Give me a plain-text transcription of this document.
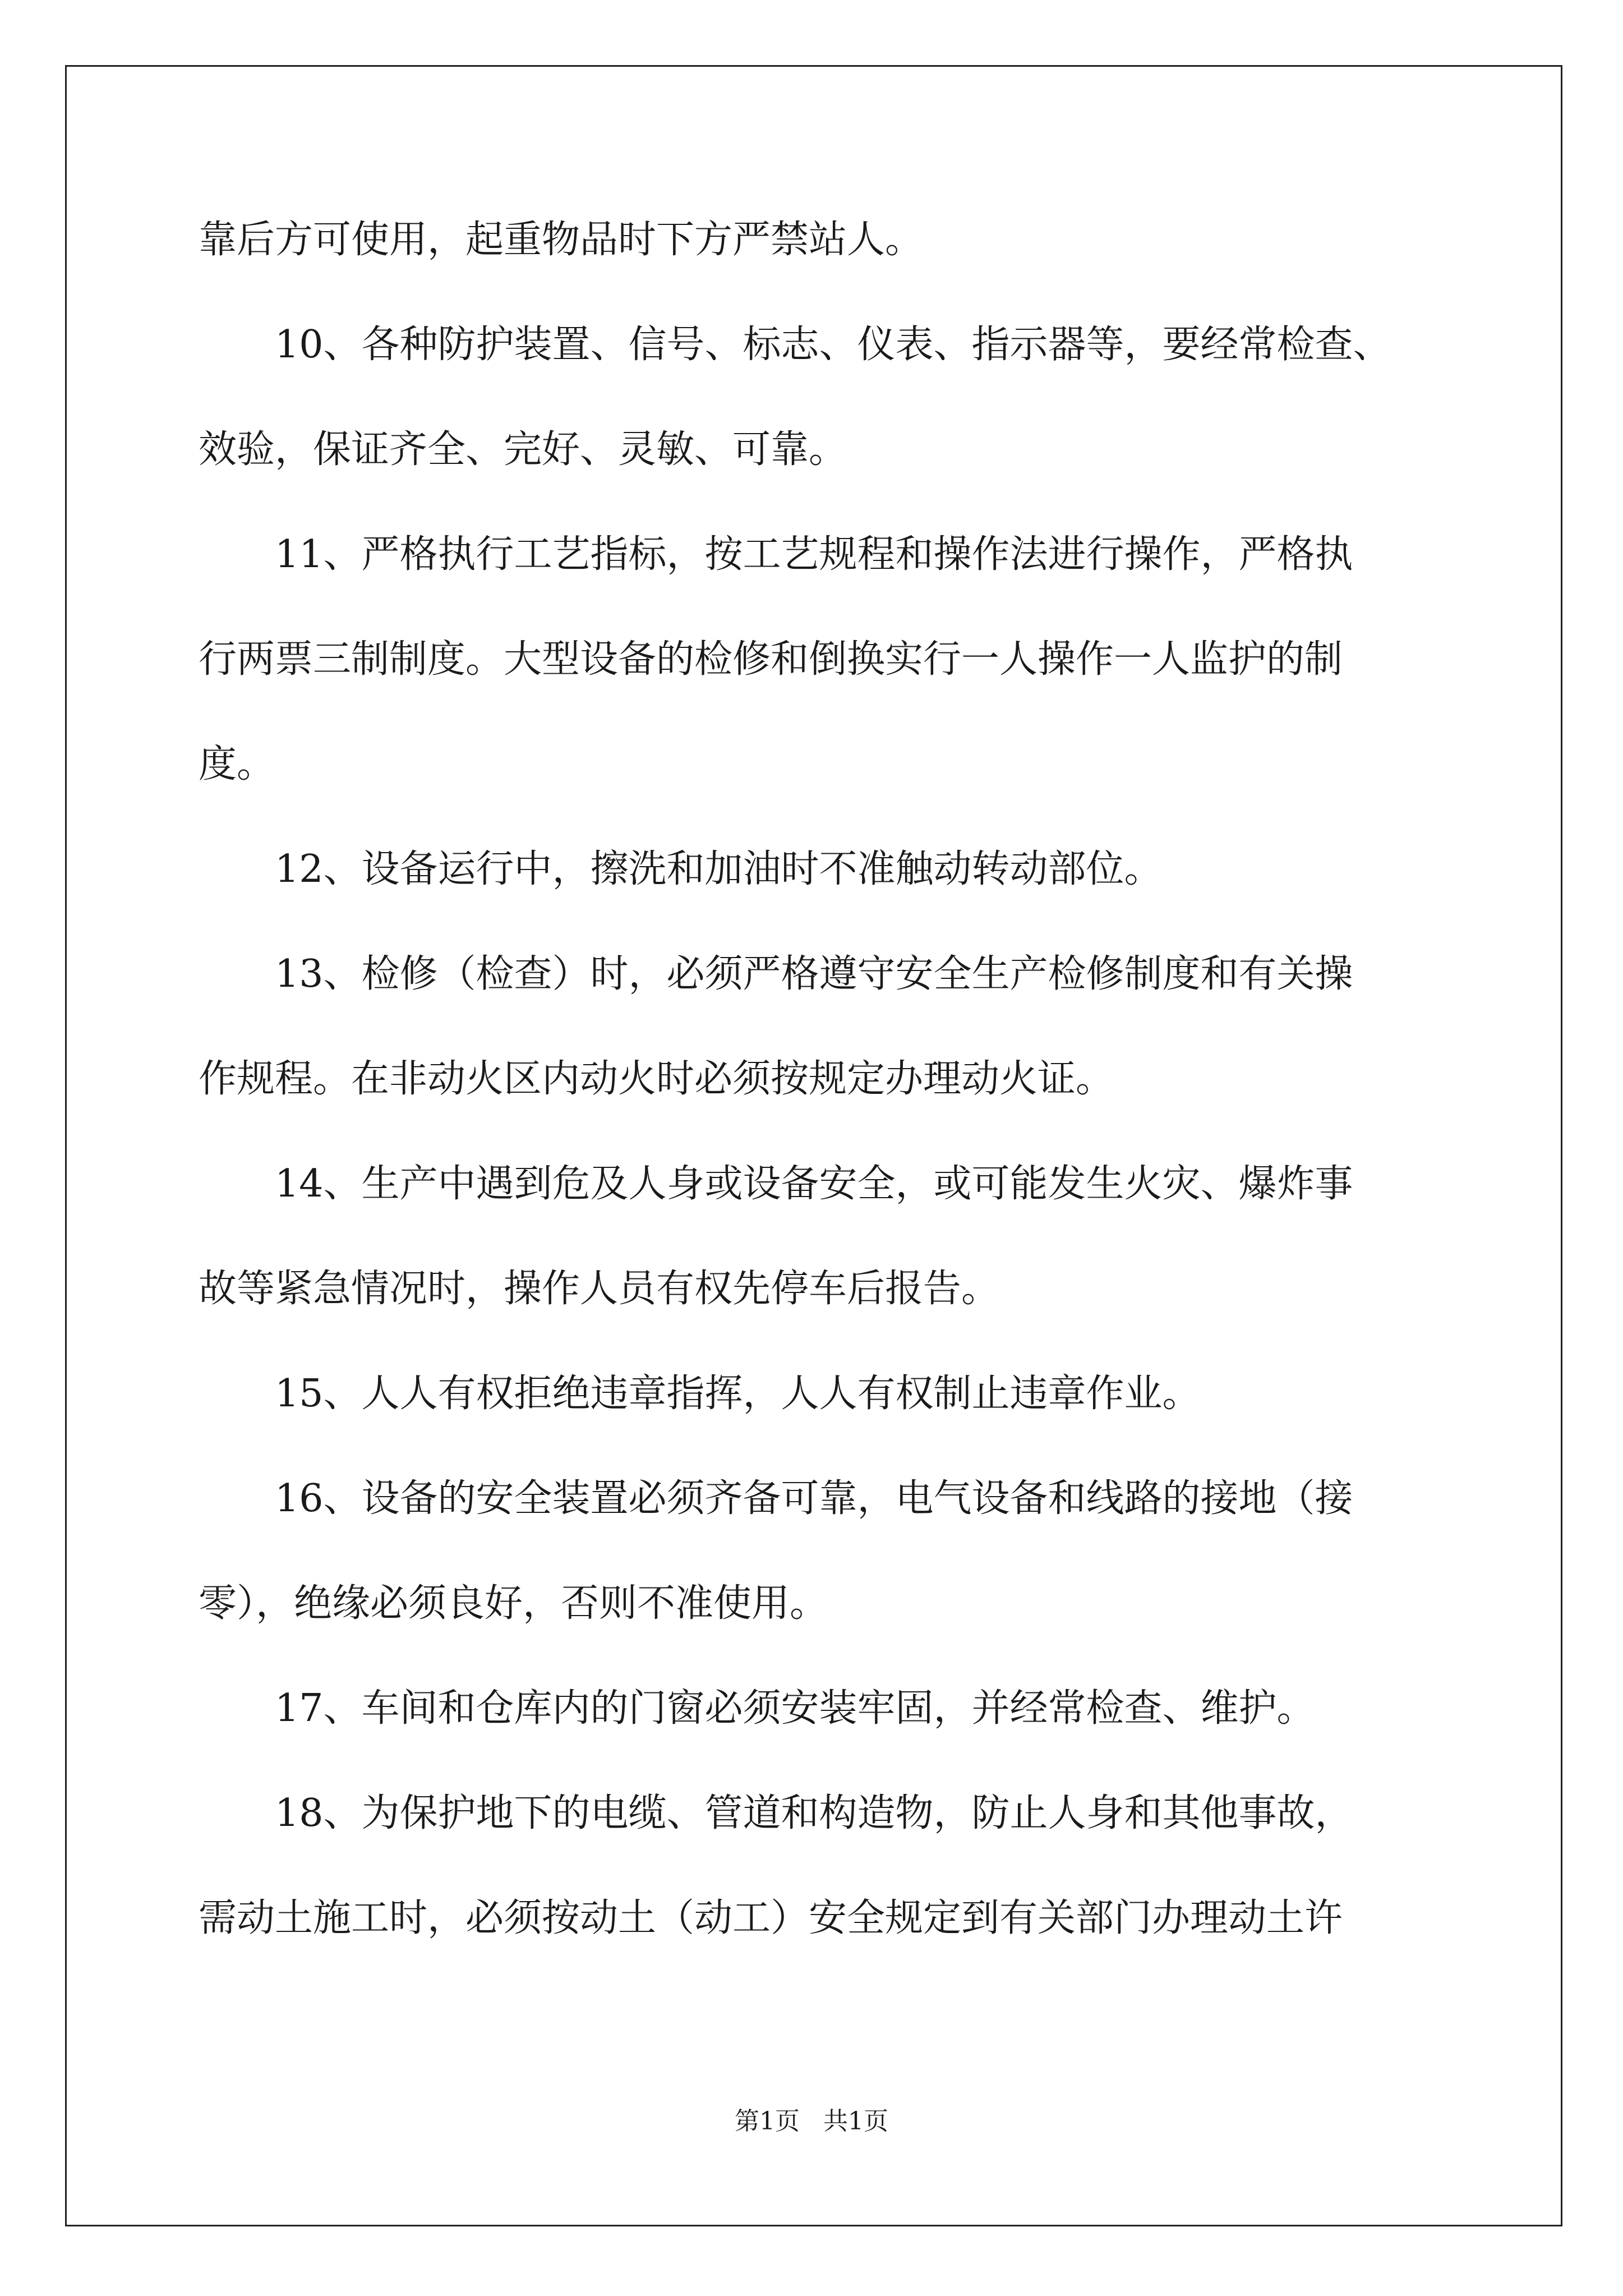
靠后方可使用，起重物品时下方严禁站人。
　　10、各种防护装置、信号、标志、仪表、指示器等，要经常检查、
效验，保证齐全、完好、灵敏、可靠。
　　11、严格执行工艺指标，按工艺规程和操作法进行操作，严格执
行两票三制制度。大型设备的检修和倒换实行一人操作一人监护的制
度。
　　12、设备运行中，擦洗和加油时不准触动转动部位。
　　13、检修（检查）时，必须严格遵守安全生产检修制度和有关操
作规程。在非动火区内动火时必须按规定办理动火证。
　　14、生产中遇到危及人身或设备安全，或可能发生火灾、爆炸事
故等紧急情况时，操作人员有权先停车后报告。
　　15、人人有权拒绝违章指挥，人人有权制止违章作业。
　　16、设备的安全装置必须齐备可靠，电气设备和线路的接地（接
零），绝缘必须良好，否则不准使用。
　　17、车间和仓库内的门窗必须安装牢固，并经常检查、维护。
　　18、为保护地下的电缆、管道和构造物，防止人身和其他事故，
需动土施工时，必须按动土（动工）安全规定到有关部门办理动土许
第1页   共1页
